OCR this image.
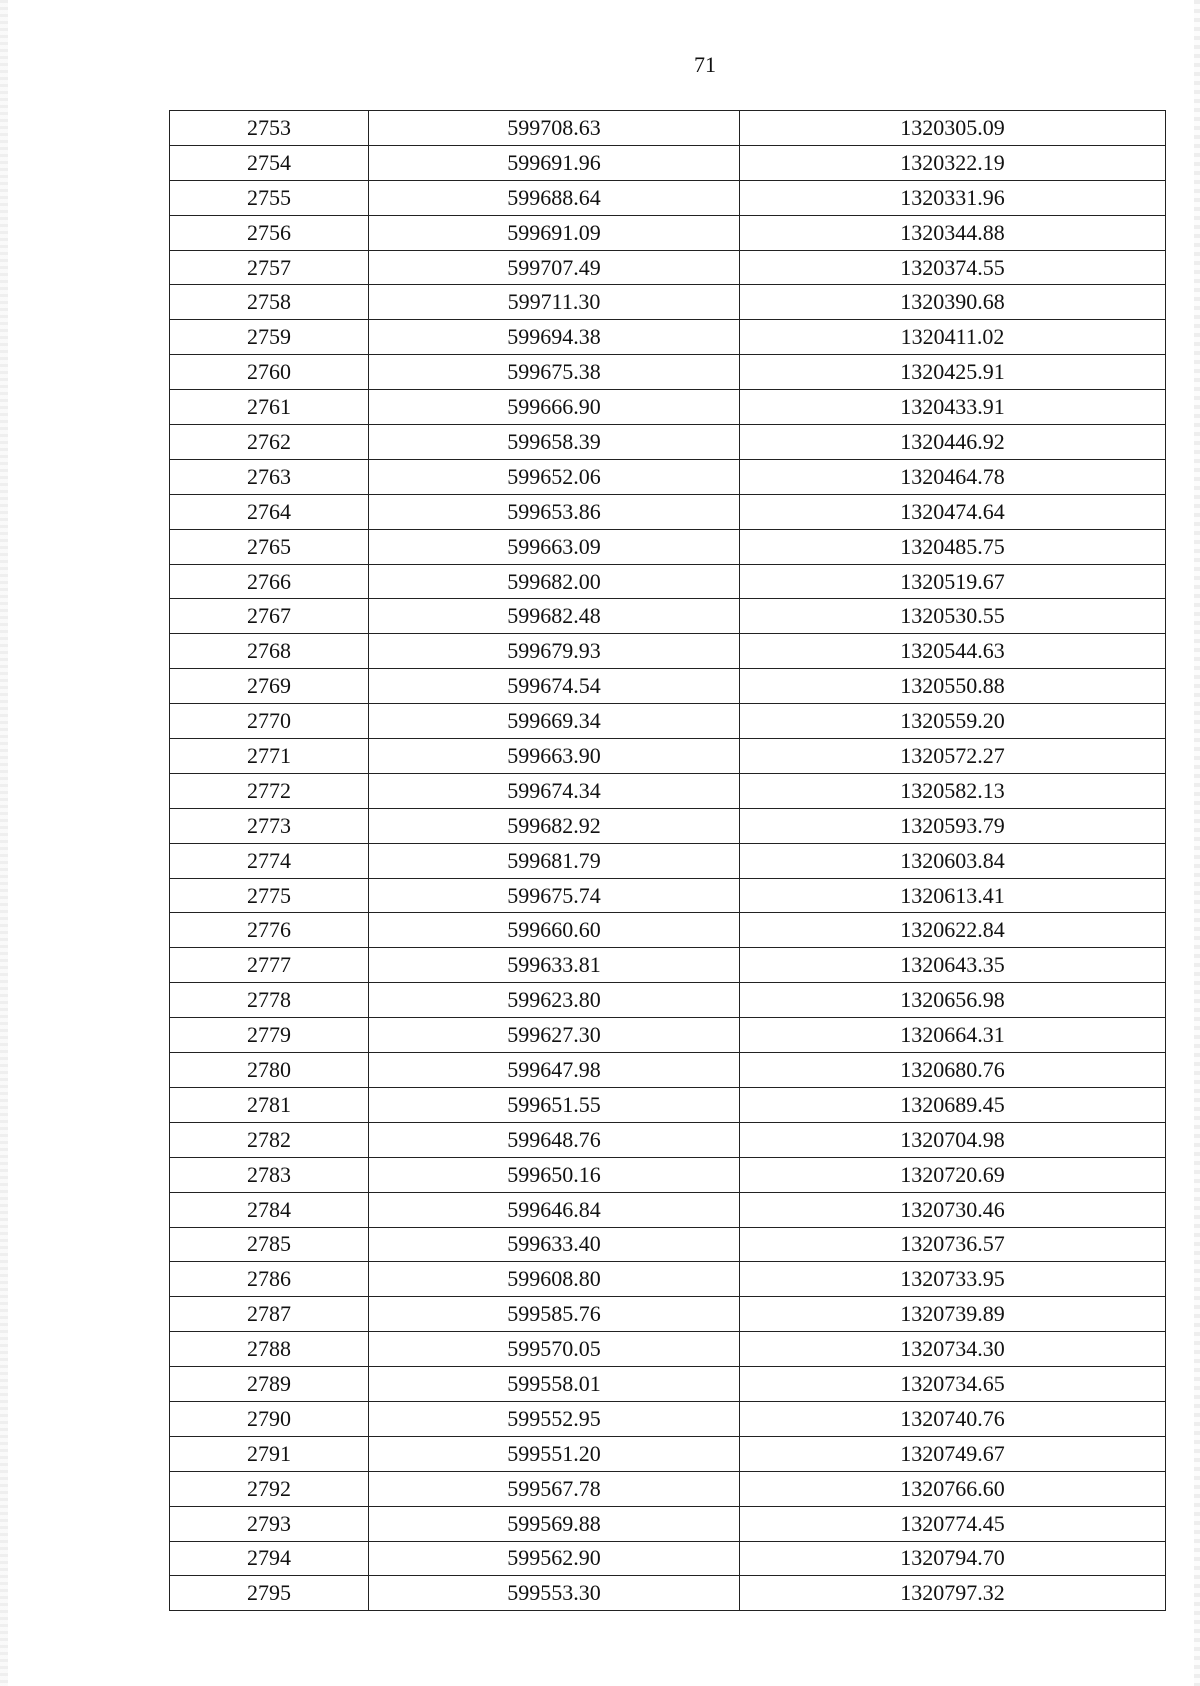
71
2753	599708.63	1320305.09
2754	599691.96	1320322.19
2755	599688.64	1320331.96
2756	599691.09	1320344.88
2757	599707.49	1320374.55
2758	599711.30	1320390.68
2759	599694.38	1320411.02
2760	599675.38	1320425.91
2761	599666.90	1320433.91
2762	599658.39	1320446.92
2763	599652.06	1320464.78
2764	599653.86	1320474.64
2765	599663.09	1320485.75
2766	599682.00	1320519.67
2767	599682.48	1320530.55
2768	599679.93	1320544.63
2769	599674.54	1320550.88
2770	599669.34	1320559.20
2771	599663.90	1320572.27
2772	599674.34	1320582.13
2773	599682.92	1320593.79
2774	599681.79	1320603.84
2775	599675.74	1320613.41
2776	599660.60	1320622.84
2777	599633.81	1320643.35
2778	599623.80	1320656.98
2779	599627.30	1320664.31
2780	599647.98	1320680.76
2781	599651.55	1320689.45
2782	599648.76	1320704.98
2783	599650.16	1320720.69
2784	599646.84	1320730.46
2785	599633.40	1320736.57
2786	599608.80	1320733.95
2787	599585.76	1320739.89
2788	599570.05	1320734.30
2789	599558.01	1320734.65
2790	599552.95	1320740.76
2791	599551.20	1320749.67
2792	599567.78	1320766.60
2793	599569.88	1320774.45
2794	599562.90	1320794.70
2795	599553.30	1320797.32
